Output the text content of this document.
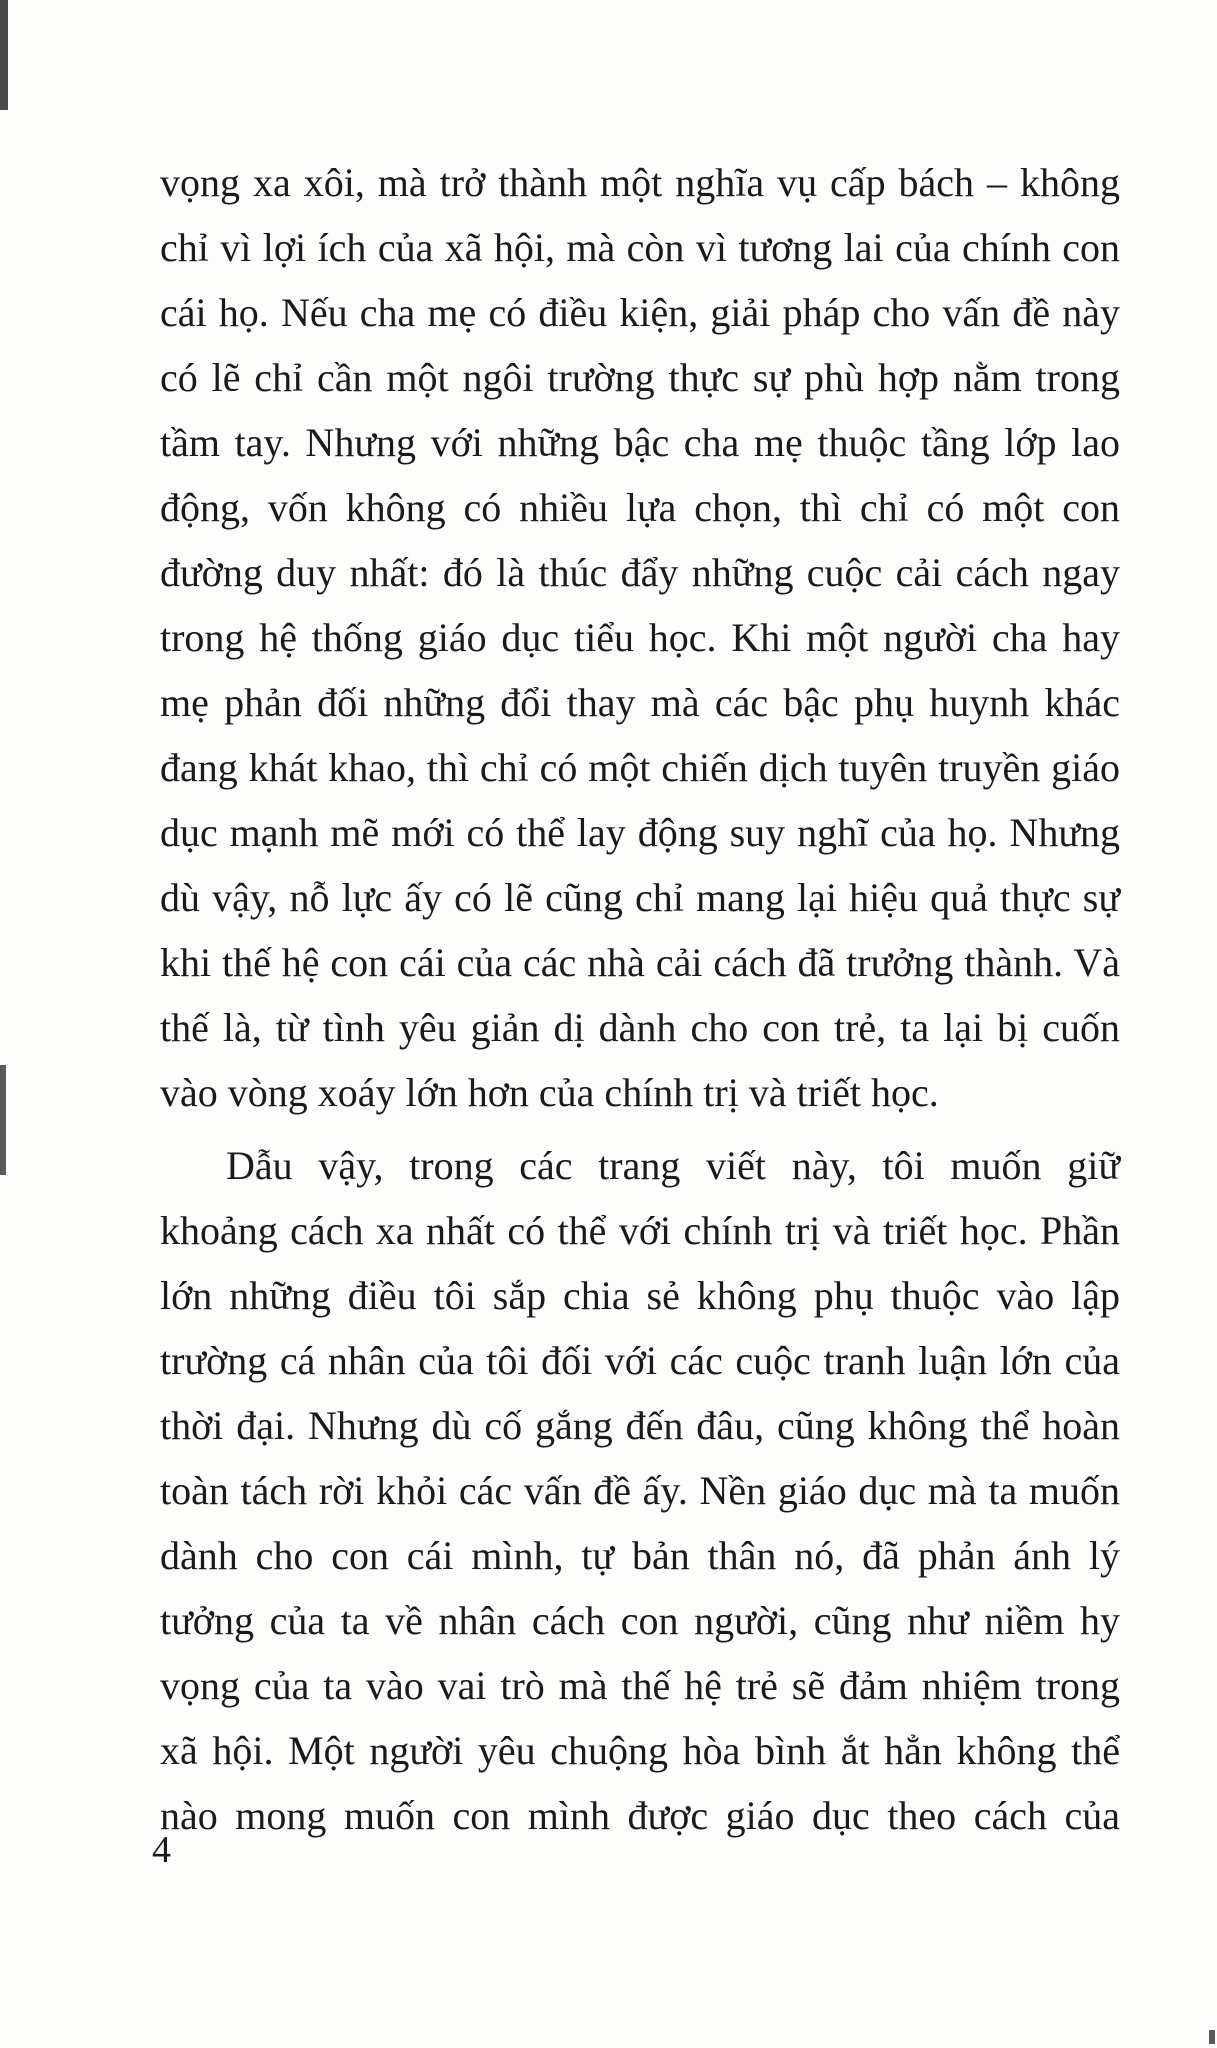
vọng xa xôi, mà trở thành một nghĩa vụ cấp bách – không
chỉ vì lợi ích của xã hội, mà còn vì tương lai của chính con
cái họ. Nếu cha mẹ có điều kiện, giải pháp cho vấn đề này
có lẽ chỉ cần một ngôi trường thực sự phù hợp nằm trong
tầm tay. Nhưng với những bậc cha mẹ thuộc tầng lớp lao
động, vốn không có nhiều lựa chọn, thì chỉ có một con
đường duy nhất: đó là thúc đẩy những cuộc cải cách ngay
trong hệ thống giáo dục tiểu học. Khi một người cha hay
mẹ phản đối những đổi thay mà các bậc phụ huynh khác
đang khát khao, thì chỉ có một chiến dịch tuyên truyền giáo
dục mạnh mẽ mới có thể lay động suy nghĩ của họ. Nhưng
dù vậy, nỗ lực ấy có lẽ cũng chỉ mang lại hiệu quả thực sự
khi thế hệ con cái của các nhà cải cách đã trưởng thành. Và
thế là, từ tình yêu giản dị dành cho con trẻ, ta lại bị cuốn
vào vòng xoáy lớn hơn của chính trị và triết học.
Dẫu vậy, trong các trang viết này, tôi muốn giữ
khoảng cách xa nhất có thể với chính trị và triết học. Phần
lớn những điều tôi sắp chia sẻ không phụ thuộc vào lập
trường cá nhân của tôi đối với các cuộc tranh luận lớn của
thời đại. Nhưng dù cố gắng đến đâu, cũng không thể hoàn
toàn tách rời khỏi các vấn đề ấy. Nền giáo dục mà ta muốn
dành cho con cái mình, tự bản thân nó, đã phản ánh lý
tưởng của ta về nhân cách con người, cũng như niềm hy
vọng của ta vào vai trò mà thế hệ trẻ sẽ đảm nhiệm trong
xã hội. Một người yêu chuộng hòa bình ắt hẳn không thể
nào mong muốn con mình được giáo dục theo cách của
4
